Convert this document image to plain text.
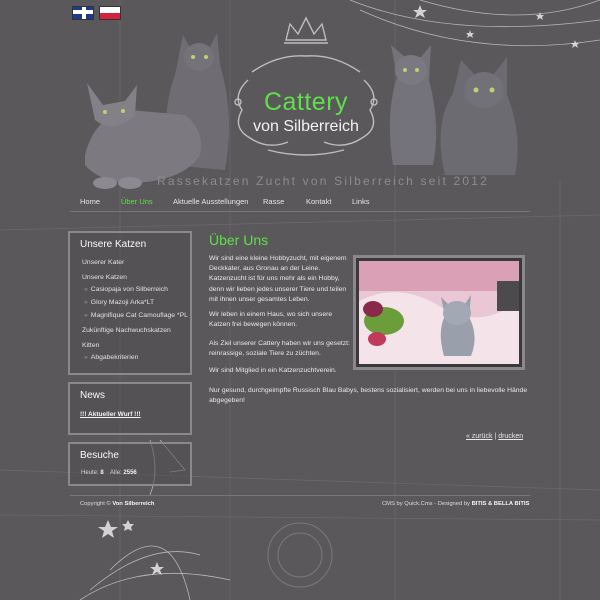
Cattery
von Silberreich
Rassekatzen Zucht von Silberreich seit 2012
Home	Über Uns	Aktuelle Ausstellungen Rasse	Kontakt	Links
Unsere Katzen
Unserer Kater
Unsere Katzen
» Casiopaja von Silberreich
» Glory Mazoji Arka*LT
» Magnifique Cat Camouflage *PL
Zukünftige Nachwuchskatzen
Kitten
» Abgabekriterien
News
!!! Aktueller Wurf !!!
Besuche
Heute: 8 Alle: 2556
Über Uns
Wir sind eine kleine Hobbyzucht, mit eigenem
Deckkater, aus Gronau an der Leine.
Katzenzucht ist für uns mehr als ein Hobby,
denn wir lieben jedes unserer Tiere und teilen
mit ihnen unser gesamtes Leben.
Wir leben in einem Haus, wo sich unsere
Katzen frei bewegen können.
Als Ziel unserer Cattery haben wir uns gesetzt:
reinrassige, soziale Tiere zu züchten.
Wir sind Mitglied in ein Katzenzuchtverein.
Nur gesund, durchgeimpfte Russisch Blau Babys, bestens sozialisiert, werden bei uns in liebevolle Hände
abgegeben!
« zurück | drucken
Copyright © Von Silberreich	CMS by Quick.Cms - Designed by BITIS & BELLA BITIS
